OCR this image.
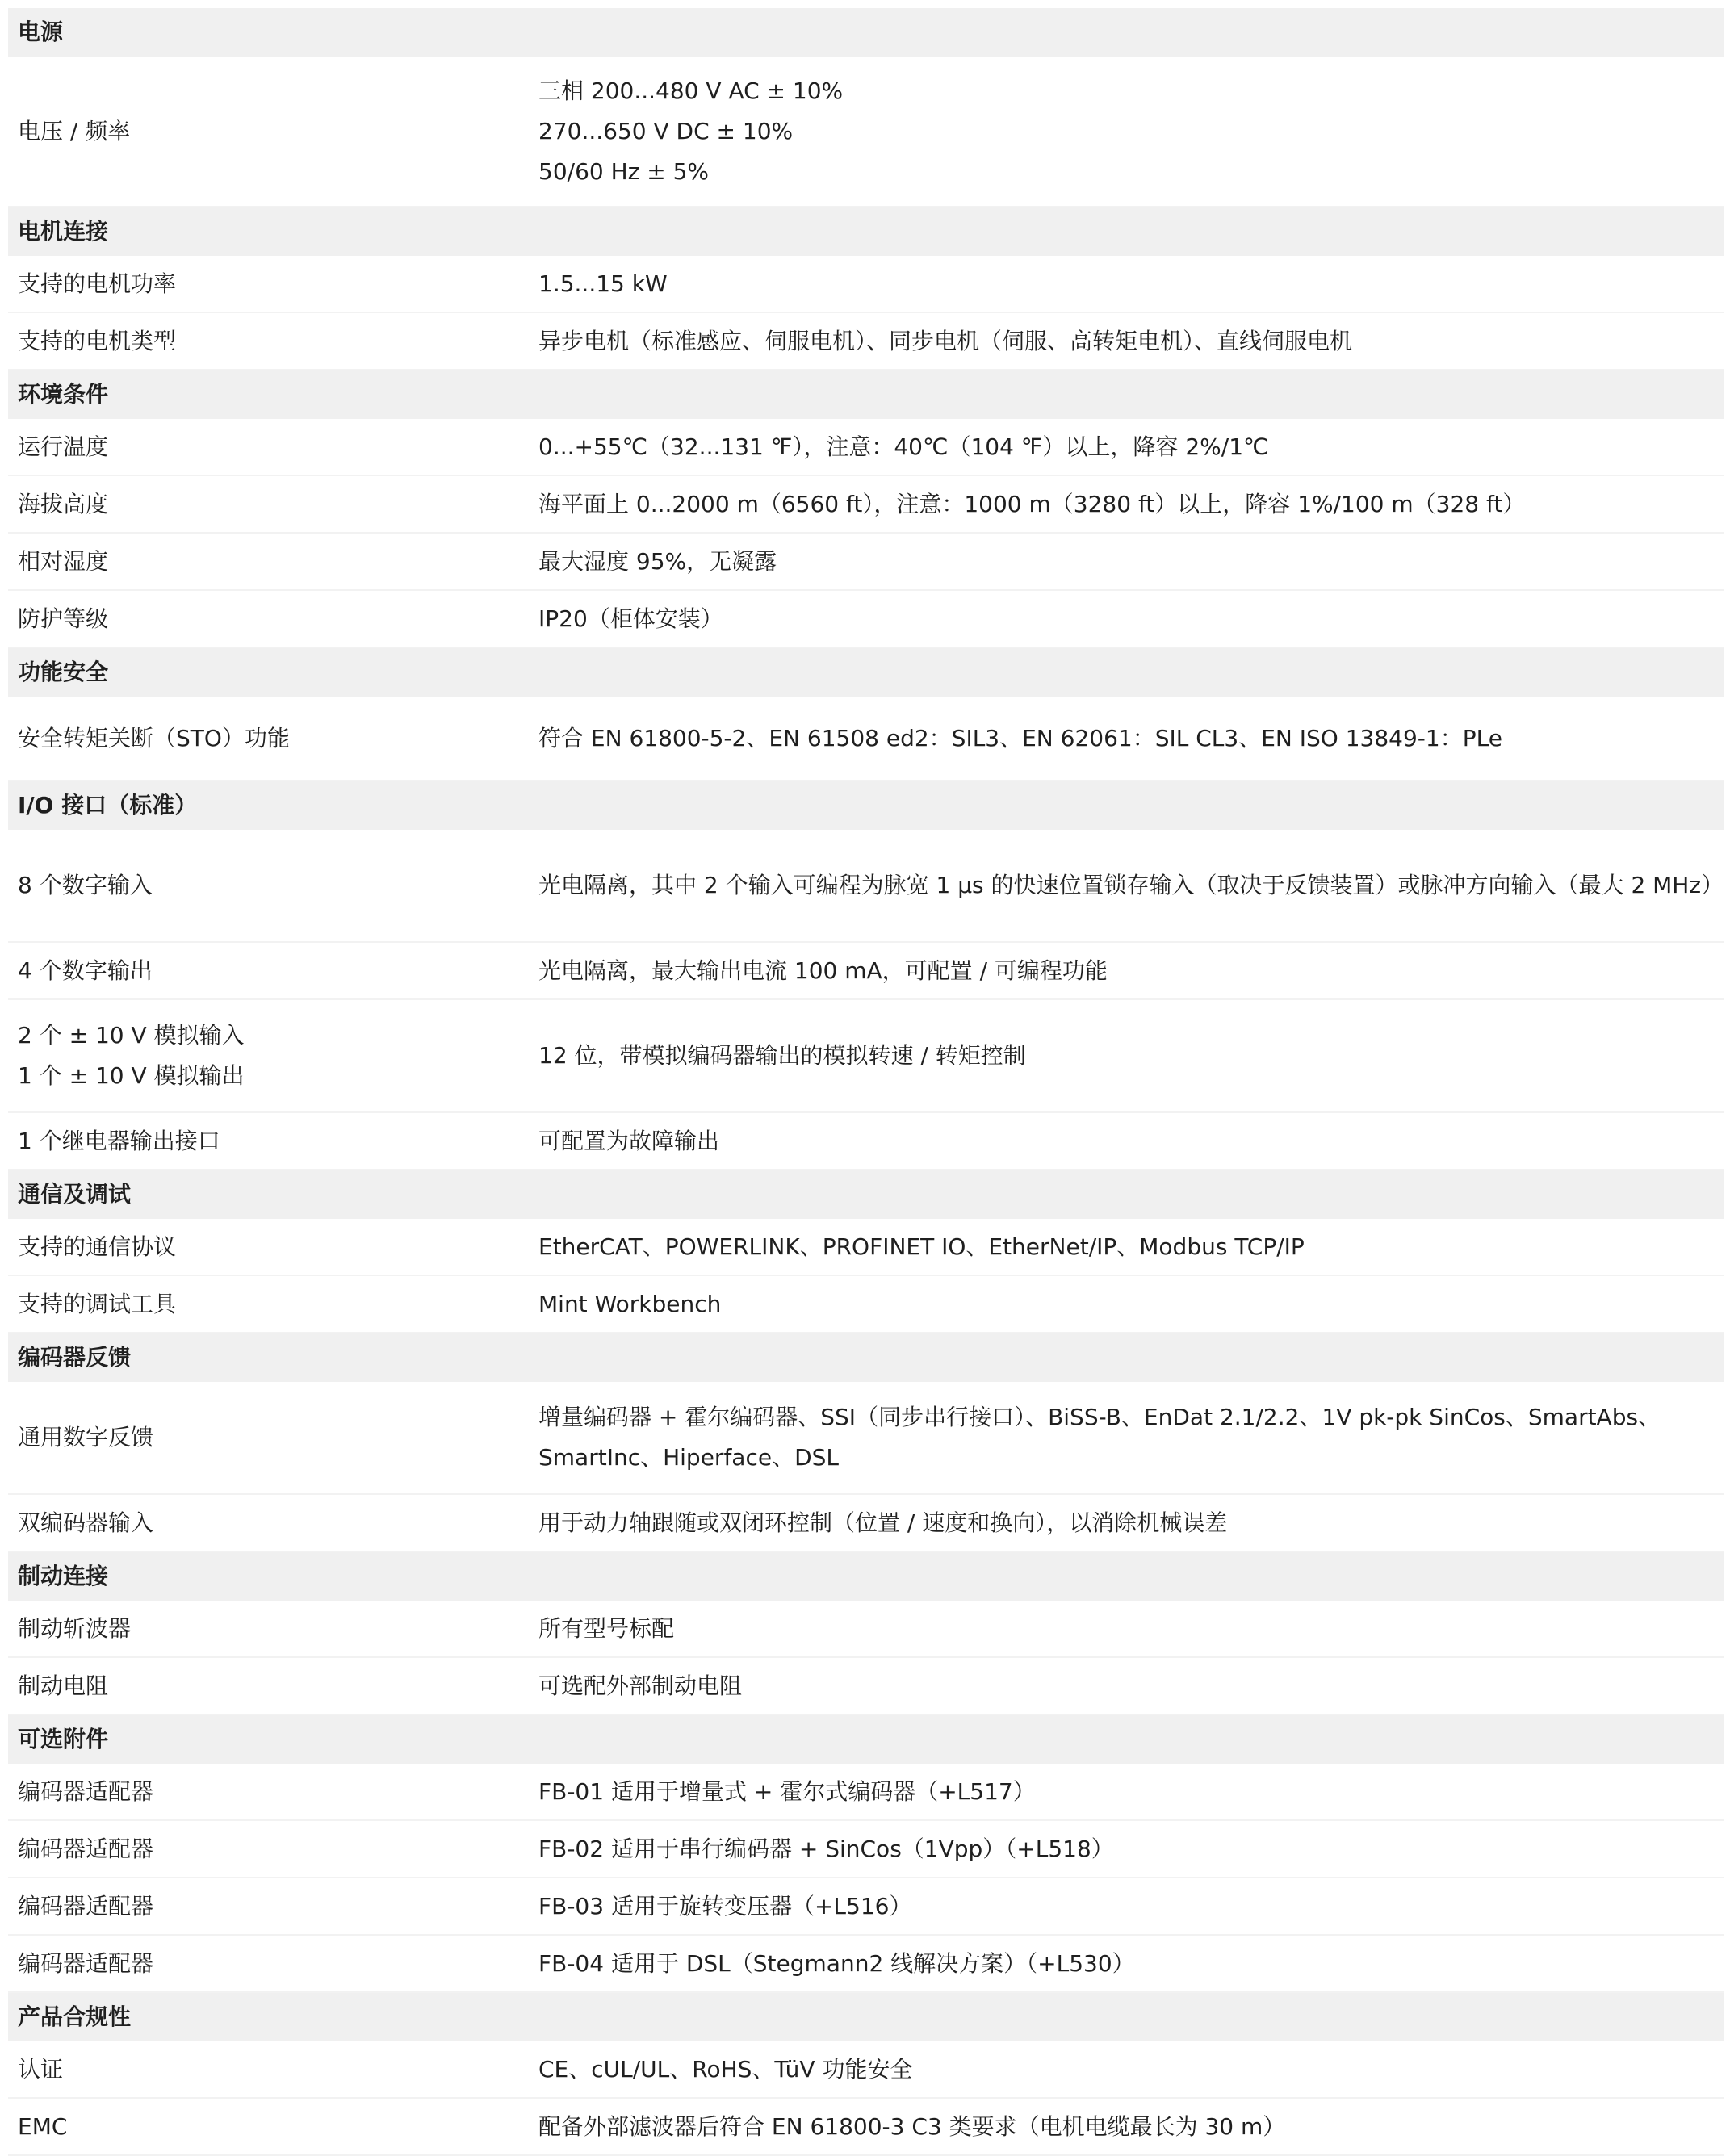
电源	

电压 / 频率	三相 200...480 V AC ± 10%
270...650 V DC ± 10%
50/60 Hz ± 5%

电机连接	

支持的电机功率	1.5...15 kW

支持的电机类型	异步电机（标准感应、伺服电机）、同步电机（伺服、高转矩电机）、直线伺服电机

环境条件	

运行温度	0...+55℃（32...131 ℉），注意：40℃（104 ℉）以上，降容 2%/1℃

海拔高度	海平面上 0...2000 m（6560 ft），注意：1000 m（3280 ft）以上，降容 1%/100 m（328 ft）

相对湿度	最大湿度 95%，无凝露

防护等级	IP20（柜体安装）

功能安全	

安全转矩关断（STO）功能	符合 EN 61800-5-2、EN 61508 ed2：SIL3、EN 62061：SIL CL3、EN ISO 13849-1：PLe

I/O 接口（标准）	

8 个数字输入	光电隔离，其中 2 个输入可编程为脉宽 1 µs 的快速位置锁存输入（取决于反馈装置）或脉冲方向输入（最大 2 MHz）

4 个数字输出	光电隔离，最大输出电流 100 mA，可配置 / 可编程功能

2 个 ± 10 V 模拟输入
1 个 ± 10 V 模拟输出	12 位，带模拟编码器输出的模拟转速 / 转矩控制

1 个继电器输出接口	可配置为故障输出

通信及调试	

支持的通信协议	EtherCAT、POWERLINK、PROFINET IO、EtherNet/IP、Modbus TCP/IP

支持的调试工具	Mint Workbench

编码器反馈	

通用数字反馈	增量编码器 + 霍尔编码器、SSI（同步串行接口）、BiSS-B、EnDat 2.1/2.2、1V pk-pk SinCos、SmartAbs、SmartInc、Hiperface、DSL

双编码器输入	用于动力轴跟随或双闭环控制（位置 / 速度和换向），以消除机械误差

制动连接	

制动斩波器	所有型号标配

制动电阻	可选配外部制动电阻

可选附件	

编码器适配器	FB-01 适用于增量式 + 霍尔式编码器（+L517）

编码器适配器	FB-02 适用于串行编码器 + SinCos（1Vpp）（+L518）

编码器适配器	FB-03 适用于旋转变压器（+L516）

编码器适配器	FB-04 适用于 DSL（Stegmann2 线解决方案）（+L530）

产品合规性	

认证	CE、cUL/UL、RoHS、TüV 功能安全

EMC	配备外部滤波器后符合 EN 61800-3 C3 类要求（电机电缆最长为 30 m）
